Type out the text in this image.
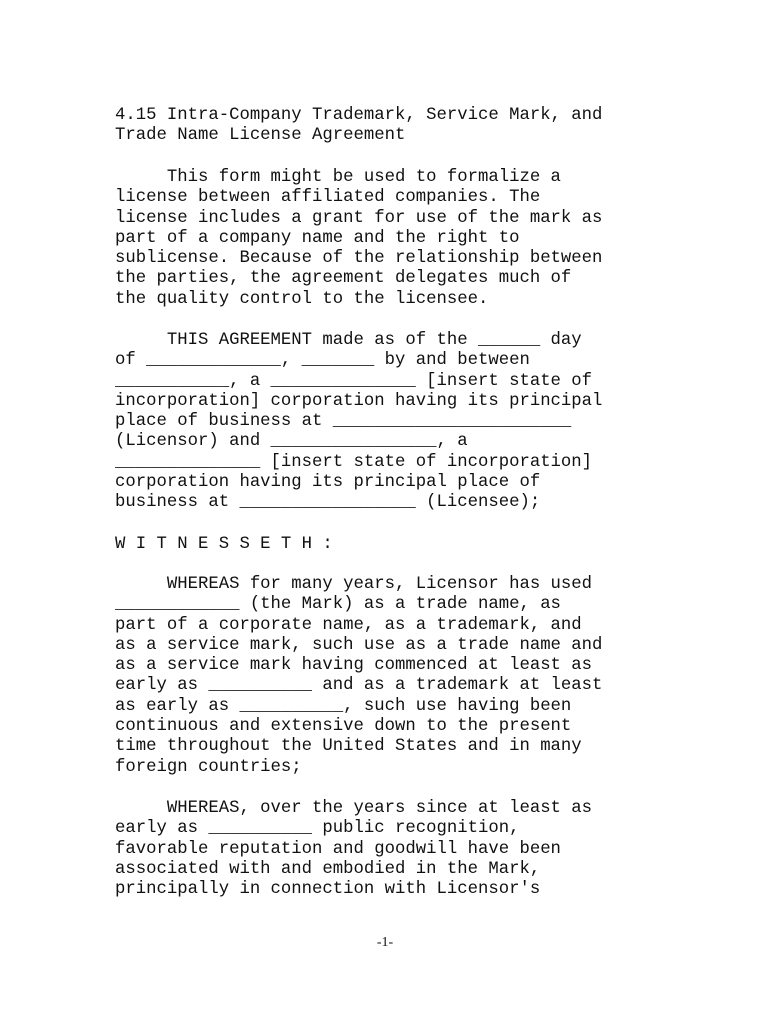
4.15 Intra-Company Trademark, Service Mark, and
Trade Name License Agreement
This form might be used to formalize a
license between affiliated companies. The
license includes a grant for use of the mark as
part of a company name and the right to
sublicense. Because of the relationship between
the parties, the agreement delegates much of
the quality control to the licensee.
THIS AGREEMENT made as of the ______ day
of _____________, _______ by and between
___________, a ______________ [insert state of
incorporation] corporation having its principal
place of business at _______________________
(Licensor) and ________________, a
______________ [insert state of incorporation]
corporation having its principal place of
business at _________________ (Licensee);
W I T N E S S E T H :
WHEREAS for many years, Licensor has used
____________ (the Mark) as a trade name, as
part of a corporate name, as a trademark, and
as a service mark, such use as a trade name and
as a service mark having commenced at least as
early as __________ and as a trademark at least
as early as __________, such use having been
continuous and extensive down to the present
time throughout the United States and in many
foreign countries;
WHEREAS, over the years since at least as
early as __________ public recognition,
favorable reputation and goodwill have been
associated with and embodied in the Mark,
principally in connection with Licensor's
-1-
